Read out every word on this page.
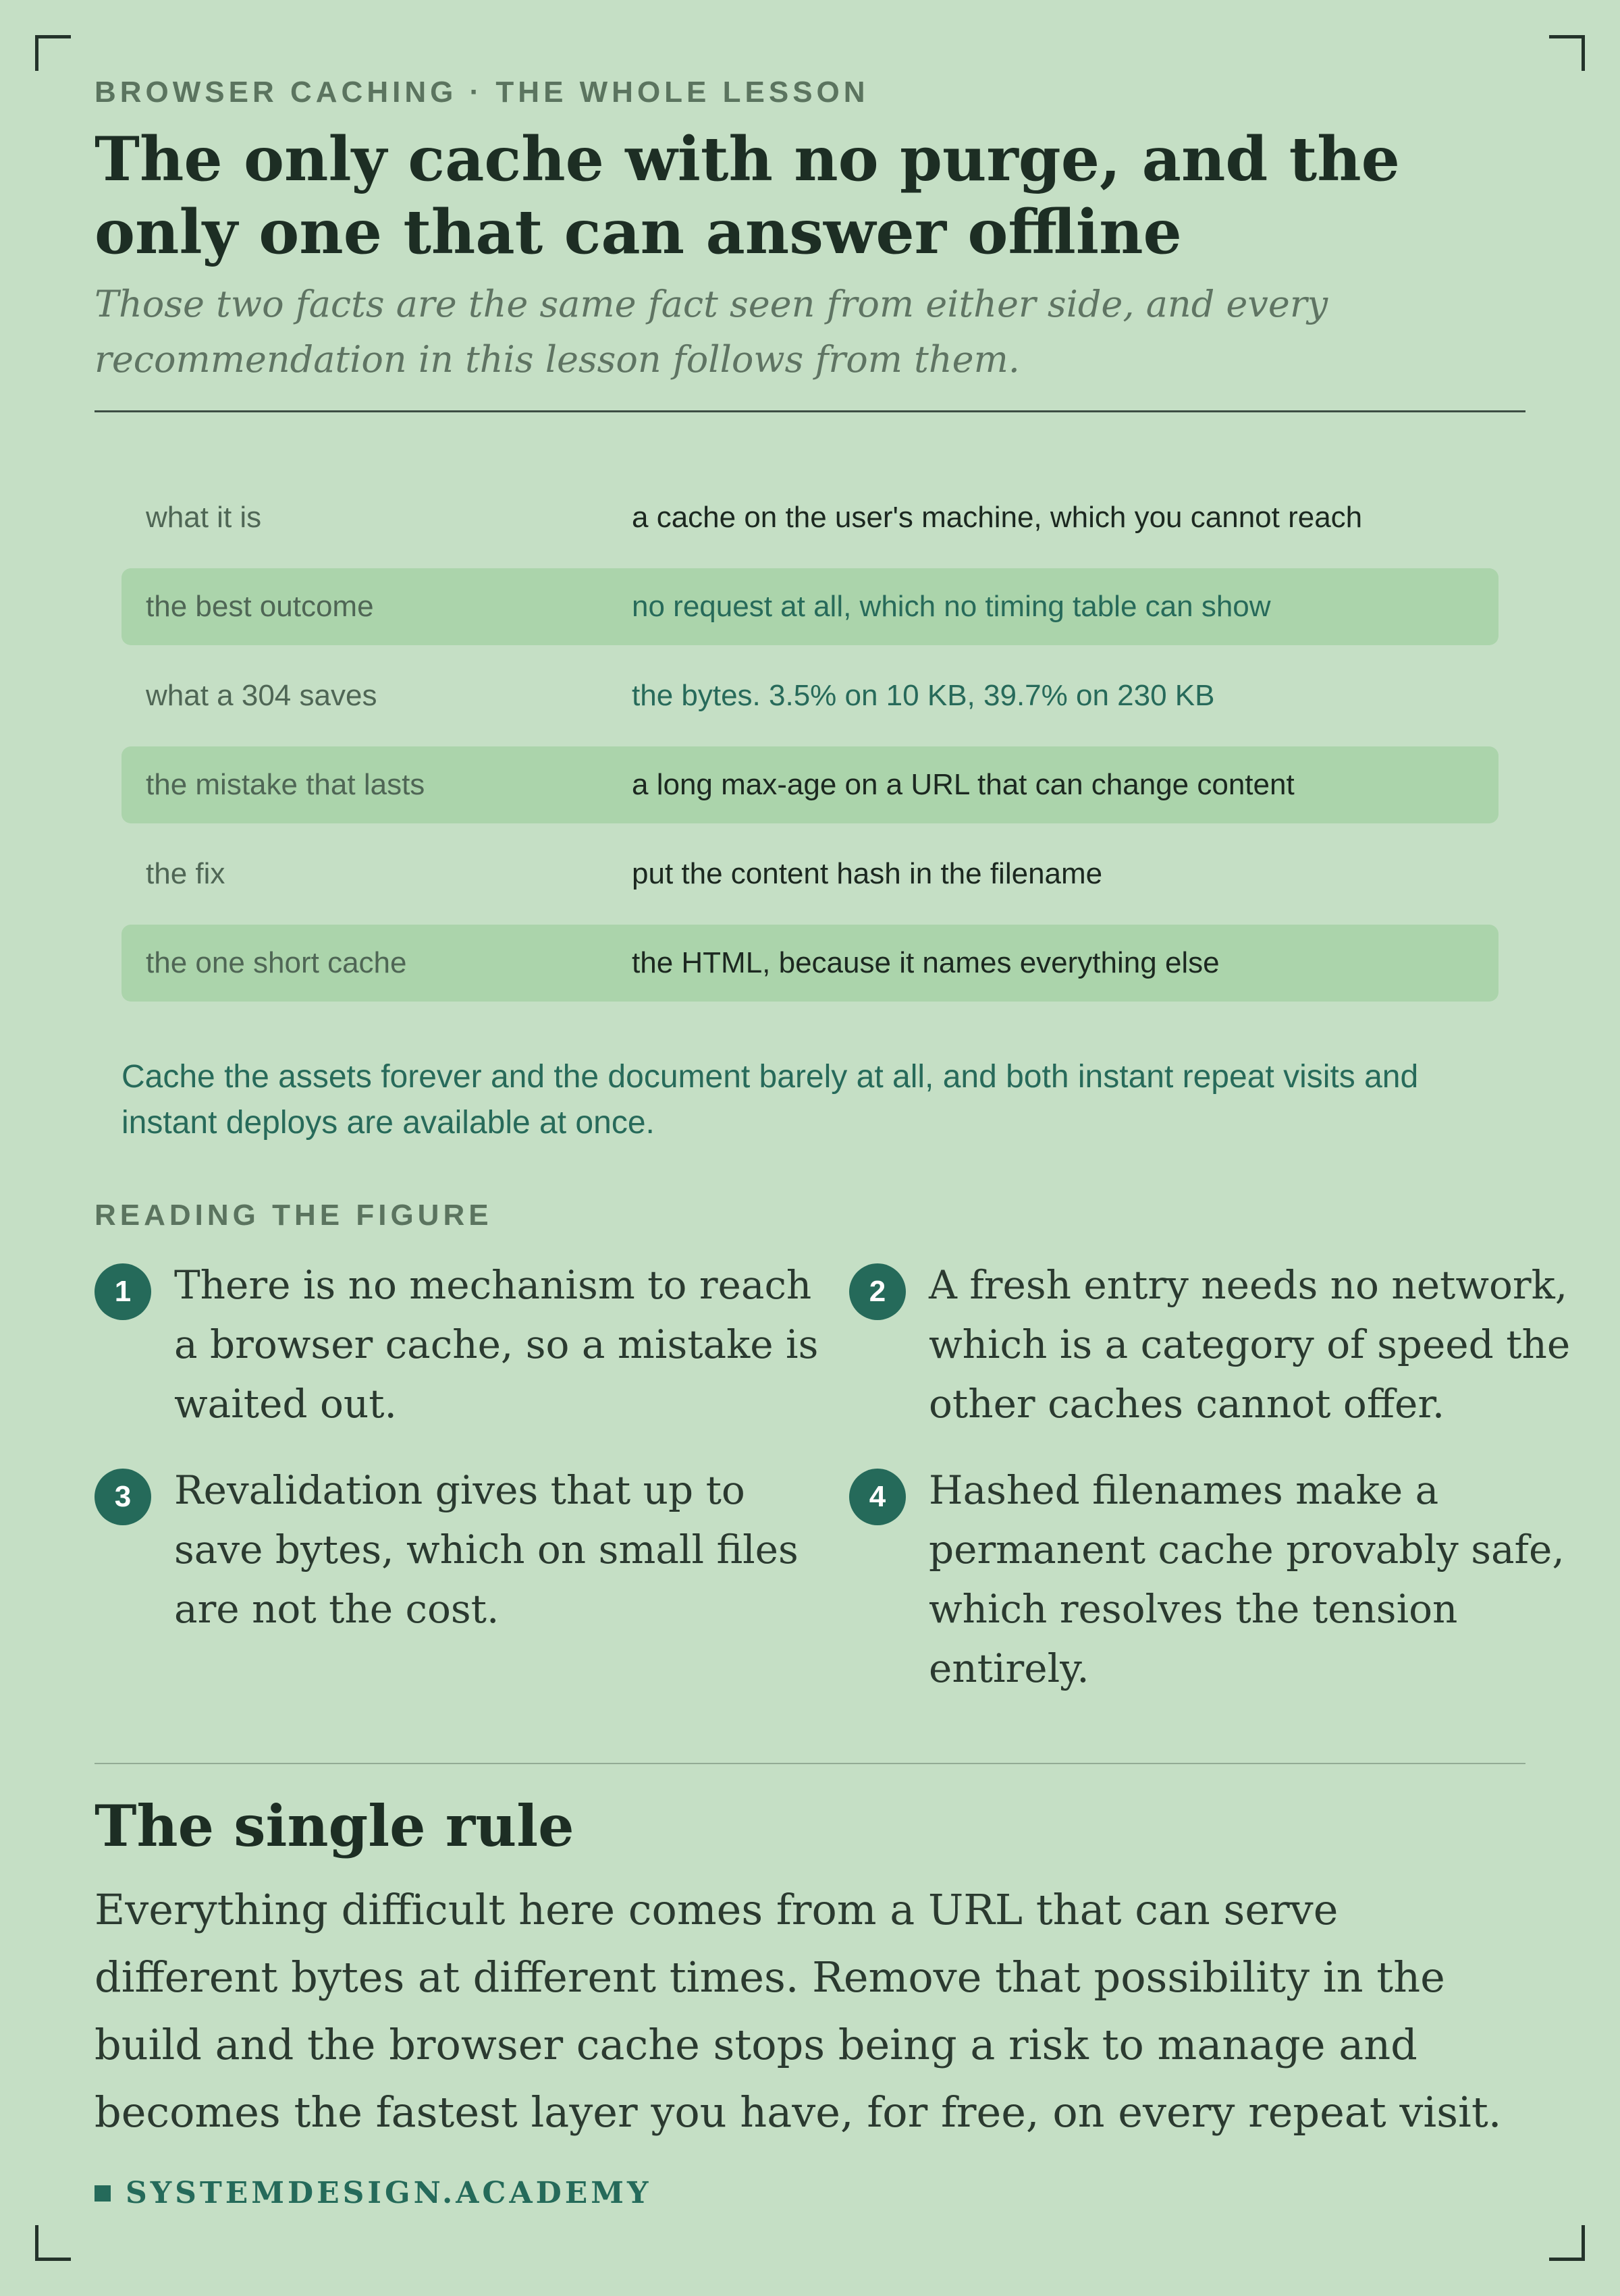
BROWSER CACHING · THE WHOLE LESSON
The only cache with no purge, and the only one that can answer offline

Those two facts are the same fact seen from either side, and every recommendation in this lesson follows from them.

what it is	a cache on the user's machine, which you cannot reach
the best outcome	no request at all, which no timing table can show
what a 304 saves	the bytes. 3.5% on 10 KB, 39.7% on 230 KB
the mistake that lasts	a long max-age on a URL that can change content
the fix	put the content hash in the filename
the one short cache	the HTML, because it names everything else

Cache the assets forever and the document barely at all, and both instant repeat visits and instant deploys are available at once.

READING THE FIGURE
1	There is no mechanism to reach a browser cache, so a mistake is waited out.

2	A fresh entry needs no network, which is a category of speed the other caches cannot offer.

3	Revalidation gives that up to save bytes, which on small files are not the cost.

4	Hashed filenames make a permanent cache provably safe, which resolves the tension entirely.

The single rule

Everything difficult here comes from a URL that can serve different bytes at different times. Remove that possibility in the build and the browser cache stops being a risk to manage and becomes the fastest layer you have, for free, on every repeat visit.

SYSTEMDESIGN.ACADEMY
